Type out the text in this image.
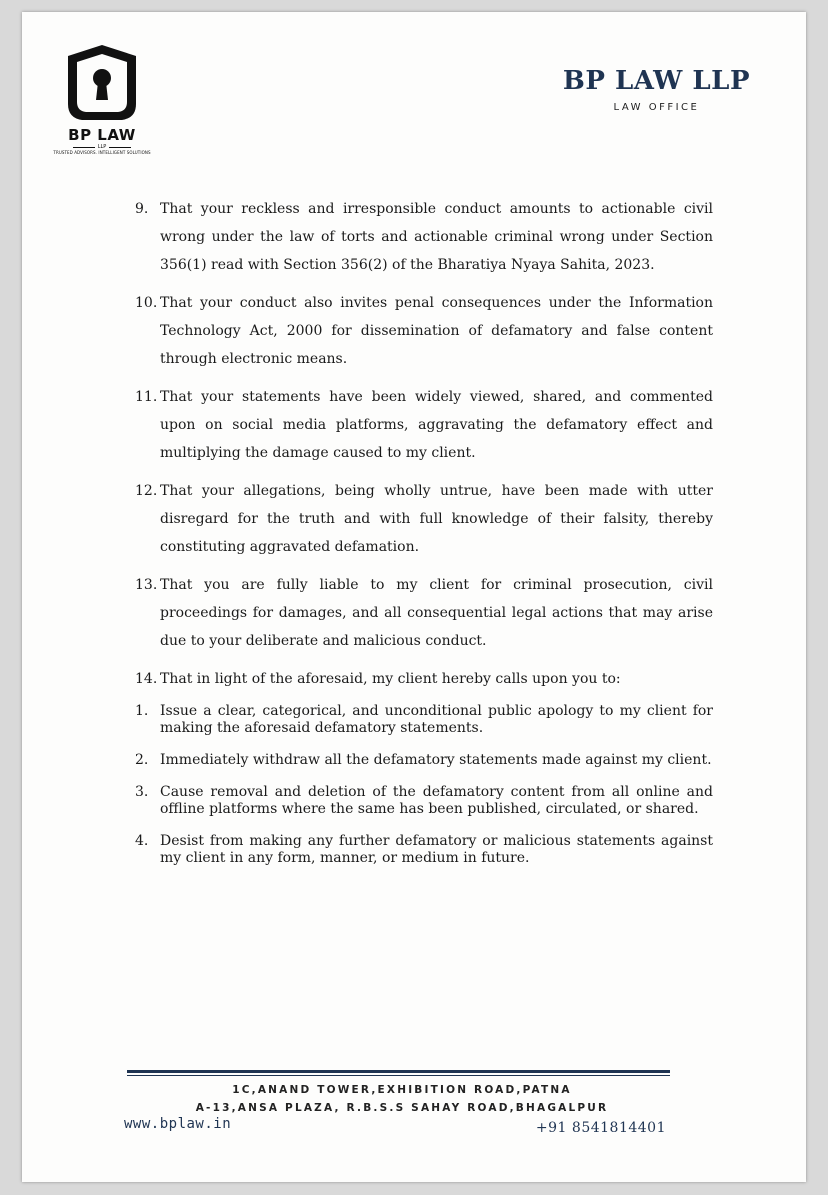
BP LAW
LLP
TRUSTED ADVISORS. INTELLIGENT SOLUTIONS
BP LAW LLP
LAW OFFICE
9. That your reckless and irresponsible conduct amounts to actionable civil wrong under the law of torts and actionable criminal wrong under Section 356(1) read with Section 356(2) of the Bharatiya Nyaya Sahita, 2023.
10. That your conduct also invites penal consequences under the Information Technology Act, 2000 for dissemination of defamatory and false content through electronic means.
11. That your statements have been widely viewed, shared, and commented upon on social media platforms, aggravating the defamatory effect and multiplying the damage caused to my client.
12. That your allegations, being wholly untrue, have been made with utter disregard for the truth and with full knowledge of their falsity, thereby constituting aggravated defamation.
13. That you are fully liable to my client for criminal prosecution, civil proceedings for damages, and all consequential legal actions that may arise due to your deliberate and malicious conduct.
14. That in light of the aforesaid, my client hereby calls upon you to:
1. Issue a clear, categorical, and unconditional public apology to my client for making the aforesaid defamatory statements.
2. Immediately withdraw all the defamatory statements made against my client.
3. Cause removal and deletion of the defamatory content from all online and offline platforms where the same has been published, circulated, or shared.
4. Desist from making any further defamatory or malicious statements against my client in any form, manner, or medium in future.
1C,ANAND TOWER,EXHIBITION ROAD,PATNA
A-13,ANSA PLAZA, R.B.S.S SAHAY ROAD,BHAGALPUR
www.bplaw.in	+91 8541814401
